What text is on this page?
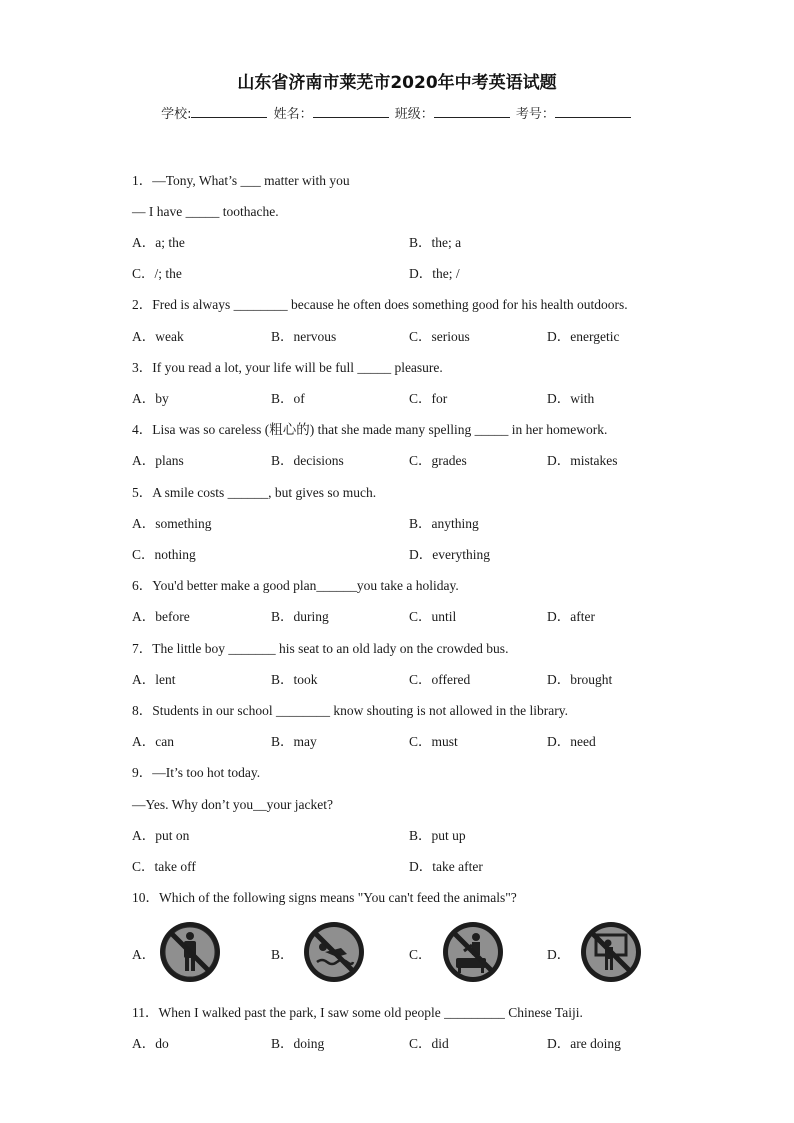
山东省济南市莱芜市2020年中考英语试题
学校:	姓名：	班级：	考号：
1．—Tony, What’s ___ matter with you
— I have _____ toothache.
A．a; the	B．the; a
C．/; the	D．the; /
2．Fred is always ________ because he often does something good for his health outdoors.
A．weak	B．nervous	C．serious	D．energetic
3．If you read a lot, your life will be full _____ pleasure.
A．by	B．of	C．for	D．with
4．Lisa was so careless (粗心的) that she made many spelling _____ in her homework.
A．plans	B．decisions	C．grades	D．mistakes
5．A smile costs ______, but gives so much.
A．something	B．anything
C．nothing	D．everything
6．You'd better make a good plan______you take a holiday.
A．before	B．during	C．until	D．after
7．The little boy _______ his seat to an old lady on the crowded bus.
A．lent	B．took	C．offered	D．brought
8．Students in our school ________ know shouting is not allowed in the library.
A．can	B．may	C．must	D．need
9．—It’s too hot today.
—Yes. Why don’t you__your jacket?
A．put on	B．put up
C．take off	D．take after
10．Which of the following signs means "You can't feed the animals"?
A．	B．	C．	D．
11．When I walked past the park, I saw some old people _________ Chinese Taiji.
A．do	B．doing	C．did	D．are doing
